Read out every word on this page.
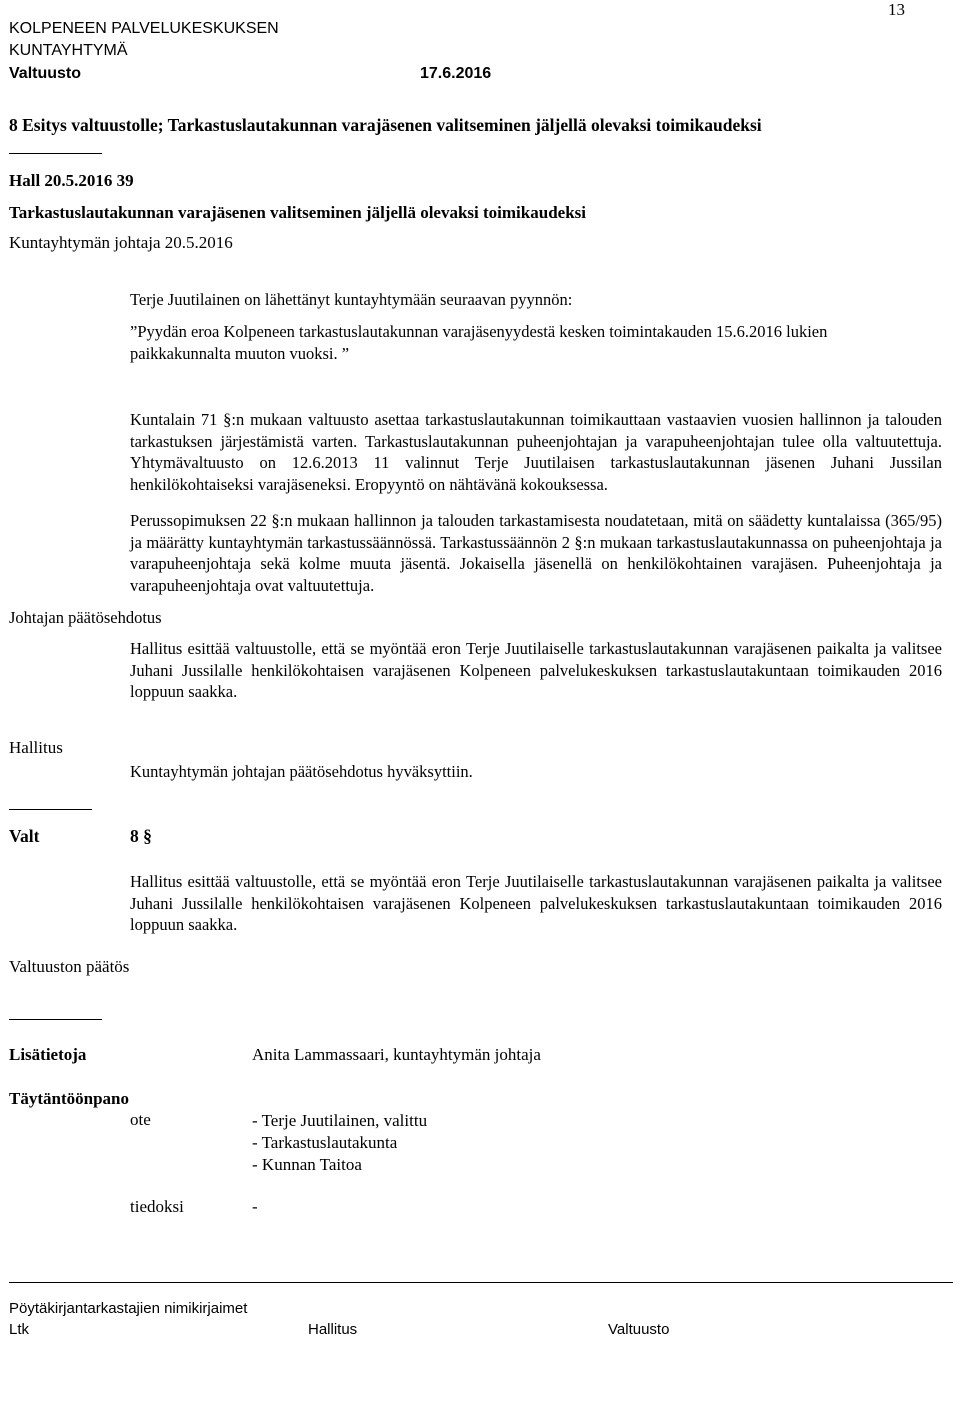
13
KOLPENEEN PALVELUKESKUKSEN
KUNTAYHTYMÄ
Valtuusto	17.6.2016
8 Esitys valtuustolle; Tarkastuslautakunnan varajäsenen valitseminen jäljellä olevaksi toimikaudeksi
Hall 20.5.2016 39
Tarkastuslautakunnan varajäsenen valitseminen jäljellä olevaksi toimikaudeksi
Kuntayhtymän johtaja 20.5.2016
Terje Juutilainen on lähettänyt kuntayhtymään seuraavan pyynnön:
”Pyydän eroa Kolpeneen tarkastuslautakunnan varajäsenyydestä kesken toimintakauden 15.6.2016 lukien
paikkakunnalta muuton vuoksi. ”
Kuntalain 71 §:n mukaan valtuusto asettaa tarkastuslautakunnan toimikauttaan vastaavien vuosien hallinnon ja talouden tarkastuksen järjestämistä varten. Tarkastuslautakunnan puheenjohtajan ja varapuheenjohtajan tulee olla valtuutettuja. Yhtymävaltuusto on 12.6.2013 11 valinnut Terje Juutilaisen tarkastuslautakunnan jäsenen Juhani Jussilan henkilökohtaiseksi varajäseneksi. Eropyyntö on nähtävänä kokouksessa.
Perussopimuksen 22 §:n mukaan hallinnon ja talouden tarkastamisesta noudatetaan, mitä on säädetty kuntalaissa (365/95) ja määrätty kuntayhtymän tarkastussäännössä. Tarkastussäännön 2 §:n mukaan tarkastuslautakunnassa on puheenjohtaja ja varapuheenjohtaja sekä kolme muuta jäsentä. Jokaisella jäsenellä on henkilökohtainen varajäsen. Puheenjohtaja ja varapuheenjohtaja ovat valtuutettuja.
Johtajan päätösehdotus
Hallitus esittää valtuustolle, että se myöntää eron Terje Juutilaiselle tarkastuslautakunnan varajäsenen paikalta ja valitsee Juhani Jussilalle henkilökohtaisen varajäsenen Kolpeneen palvelukeskuksen tarkastuslautakuntaan toimikauden 2016 loppuun saakka.
Hallitus
Kuntayhtymän johtajan päätösehdotus hyväksyttiin.
Valt	8 §
Hallitus esittää valtuustolle, että se myöntää eron Terje Juutilaiselle tarkastuslautakunnan varajäsenen paikalta ja valitsee Juhani Jussilalle henkilökohtaisen varajäsenen Kolpeneen palvelukeskuksen tarkastuslautakuntaan toimikauden 2016 loppuun saakka.
Valtuuston päätös
Lisätietoja	Anita Lammassaari, kuntayhtymän johtaja
Täytäntöönpano
ote	- Terje Juutilainen, valittu
- Tarkastuslautakunta
- Kunnan Taitoa
tiedoksi	-
Pöytäkirjantarkastajien nimikirjaimet
Ltk	Hallitus	Valtuusto
